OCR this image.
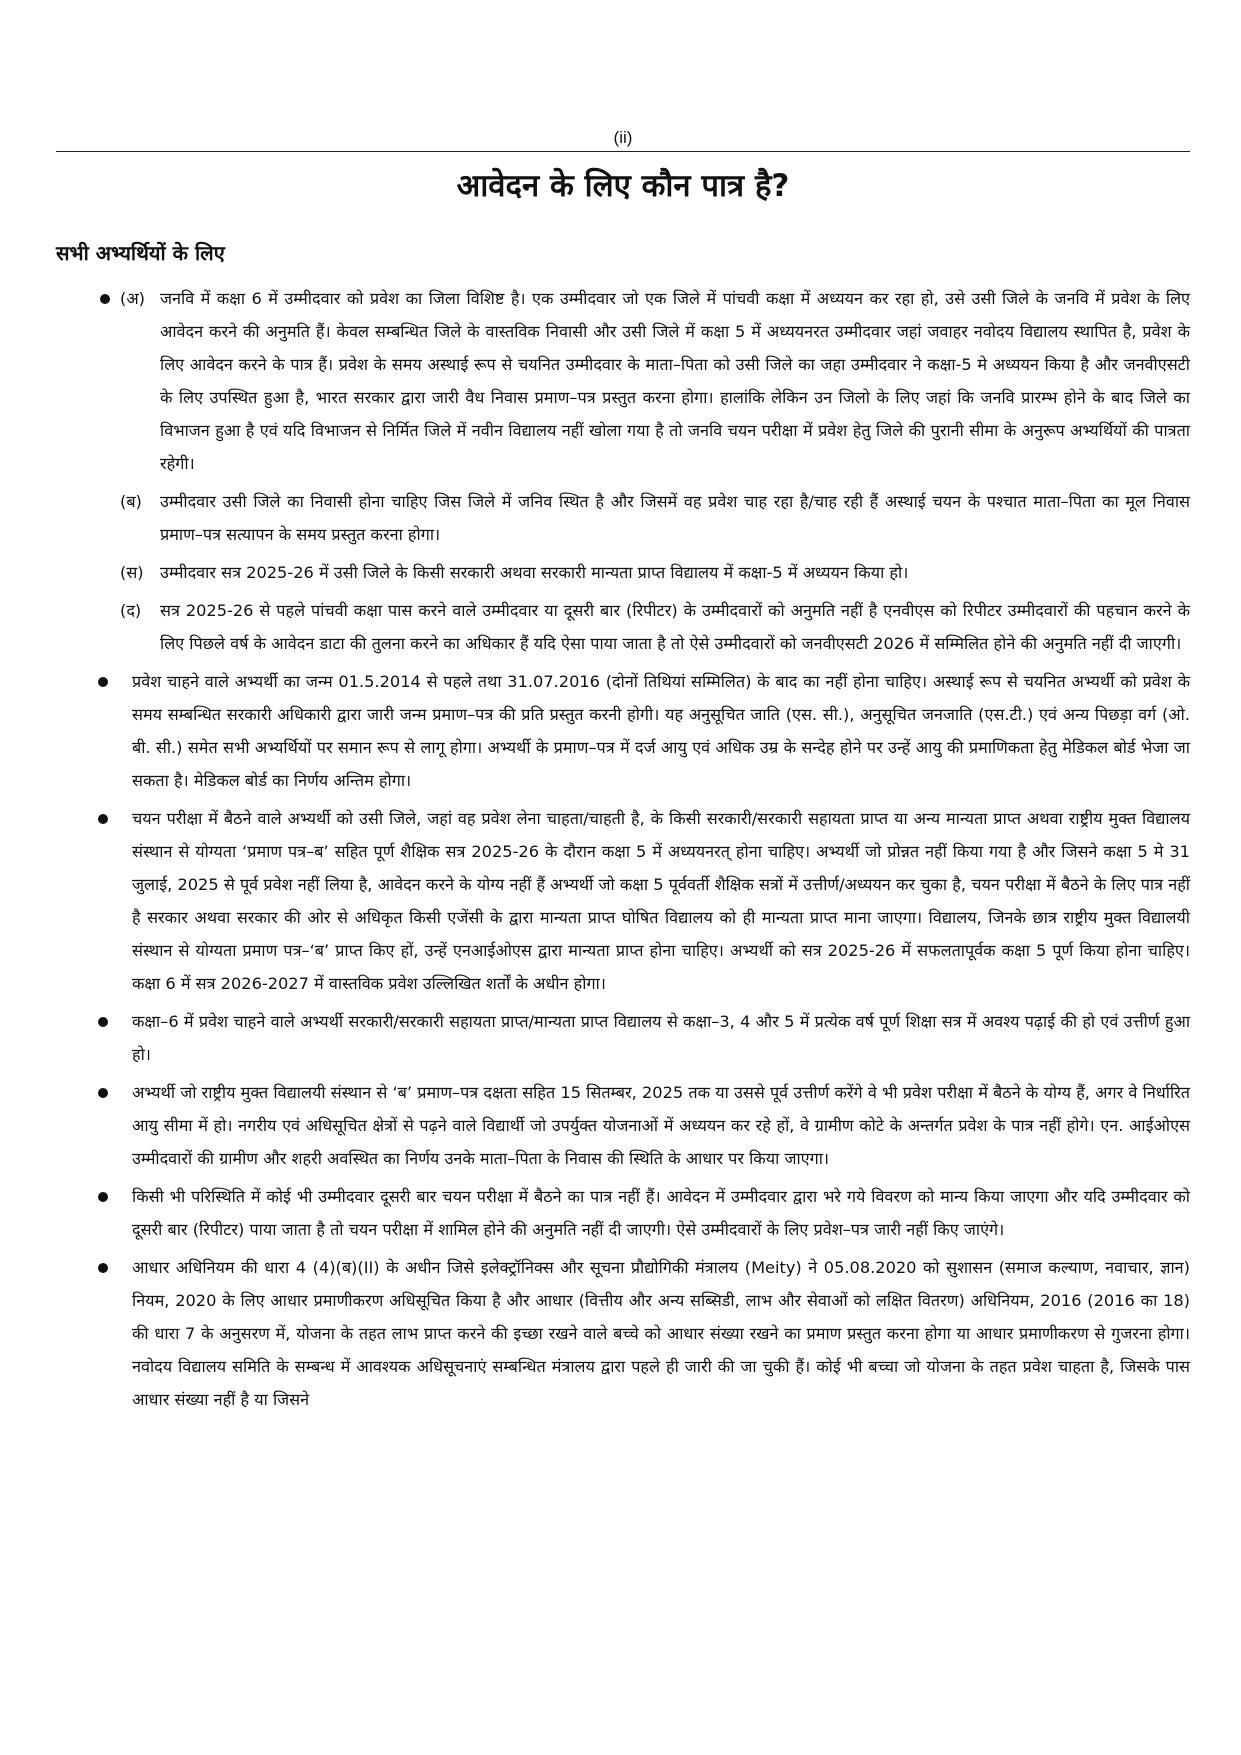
(ii)
आवेदन के लिए कौन पात्र है?
सभी अभ्यर्थियों के लिए
(अ) जनवि में कक्षा 6 में उम्मीदवार को प्रवेश का जिला विशिष्ट है। एक उम्मीदवार जो एक जिले में पांचवी कक्षा में अध्ययन कर रहा हो, उसे उसी जिले के जनवि में प्रवेश के लिए आवेदन करने की अनुमति हैं। केवल सम्बन्धित जिले के वास्तविक निवासी और उसी जिले में कक्षा 5 में अध्ययनरत उम्मीदवार जहां जवाहर नवोदय विद्यालय स्थापित है, प्रवेश के लिए आवेदन करने के पात्र हैं। प्रवेश के समय अस्थाई रूप से चयनित उम्मीदवार के माता–पिता को उसी जिले का जहा उम्मीदवार ने कक्षा-5 मे अध्ययन किया है और जनवीएसटी के लिए उपस्थित हुआ है, भारत सरकार द्वारा जारी वैध निवास प्रमाण–पत्र प्रस्तुत करना होगा। हालांकि लेकिन उन जिलो के लिए जहां कि जनवि प्रारम्भ होने के बाद जिले का विभाजन हुआ है एवं यदि विभाजन से निर्मित जिले में नवीन विद्यालय नहीं खोला गया है तो जनवि चयन परीक्षा में प्रवेश हेतु जिले की पुरानी सीमा के अनुरूप अभ्यर्थियों की पात्रता रहेगी।
(ब) उम्मीदवार उसी जिले का निवासी होना चाहिए जिस जिले में जनिव स्थित है और जिसमें वह प्रवेश चाह रहा है/चाह रही हैं अस्थाई चयन के पश्चात माता–पिता का मूल निवास प्रमाण–पत्र सत्यापन के समय प्रस्तुत करना होगा।
(स) उम्मीदवार सत्र 2025-26 में उसी जिले के किसी सरकारी अथवा सरकारी मान्यता प्राप्त विद्यालय में कक्षा-5 में अध्ययन किया हो।
(द) सत्र 2025-26 से पहले पांचवी कक्षा पास करने वाले उम्मीदवार या दूसरी बार (रिपीटर) के उम्मीदवारों को अनुमति नहीं है एनवीएस को रिपीटर उम्मीदवारों की पहचान करने के लिए पिछले वर्ष के आवेदन डाटा की तुलना करने का अधिकार हैं यदि ऐसा पाया जाता है तो ऐसे उम्मीदवारों को जनवीएसटी 2026 में सम्मिलित होने की अनुमति नहीं दी जाएगी।
प्रवेश चाहने वाले अभ्यर्थी का जन्म 01.5.2014 से पहले तथा 31.07.2016 (दोनों तिथियां सम्मिलित) के बाद का नहीं होना चाहिए। अस्थाई रूप से चयनित अभ्यर्थी को प्रवेश के समय सम्बन्धित सरकारी अधिकारी द्वारा जारी जन्म प्रमाण–पत्र की प्रति प्रस्तुत करनी होगी। यह अनुसूचित जाति (एस. सी.), अनुसूचित जनजाति (एस.टी.) एवं अन्य पिछड़ा वर्ग (ओ. बी. सी.) समेत सभी अभ्यर्थियों पर समान रूप से लागू होगा। अभ्यर्थी के प्रमाण–पत्र में दर्ज आयु एवं अधिक उम्र के सन्देह होने पर उन्हें आयु की प्रमाणिकता हेतु मेडिकल बोर्ड भेजा जा सकता है। मेडिकल बोर्ड का निर्णय अन्तिम होगा।
चयन परीक्षा में बैठने वाले अभ्यर्थी को उसी जिले, जहां वह प्रवेश लेना चाहता/चाहती है, के किसी सरकारी/सरकारी सहायता प्राप्त या अन्य मान्यता प्राप्त अथवा राष्ट्रीय मुक्त विद्यालय संस्थान से योग्यता ‘प्रमाण पत्र–ब’ सहित पूर्ण शैक्षिक सत्र 2025-26 के दौरान कक्षा 5 में अध्ययनरत् होना चाहिए। अभ्यर्थी जो प्रोन्नत नहीं किया गया है और जिसने कक्षा 5 मे 31 जुलाई, 2025 से पूर्व प्रवेश नहीं लिया है, आवेदन करने के योग्य नहीं हैं अभ्यर्थी जो कक्षा 5 पूर्ववर्ती शैक्षिक सत्रों में उत्तीर्ण/अध्ययन कर चुका है, चयन परीक्षा में बैठने के लिए पात्र नहीं है सरकार अथवा सरकार की ओर से अधिकृत किसी एजेंसी के द्वारा मान्यता प्राप्त घोषित विद्यालय को ही मान्यता प्राप्त माना जाएगा। विद्यालय, जिनके छात्र राष्ट्रीय मुक्त विद्यालयी संस्थान से योग्यता प्रमाण पत्र–‘ब’ प्राप्त किए हों, उन्हें एनआईओएस द्वारा मान्यता प्राप्त होना चाहिए। अभ्यर्थी को सत्र 2025-26 में सफलतापूर्वक कक्षा 5 पूर्ण किया होना चाहिए। कक्षा 6 में सत्र 2026-2027 में वास्तविक प्रवेश उल्लिखित शर्तों के अधीन होगा।
कक्षा–6 में प्रवेश चाहने वाले अभ्यर्थी सरकारी/सरकारी सहायता प्राप्त/मान्यता प्राप्त विद्यालय से कक्षा–3, 4 और 5 में प्रत्येक वर्ष पूर्ण शिक्षा सत्र में अवश्य पढ़ाई की हो एवं उत्तीर्ण हुआ हो।
अभ्यर्थी जो राष्ट्रीय मुक्त विद्यालयी संस्थान से ‘ब’ प्रमाण–पत्र दक्षता सहित 15 सितम्बर, 2025 तक या उससे पूर्व उत्तीर्ण करेंगे वे भी प्रवेश परीक्षा में बैठने के योग्य हैं, अगर वे निर्धारित आयु सीमा में हो। नगरीय एवं अधिसूचित क्षेत्रों से पढ़ने वाले विद्यार्थी जो उपर्युक्त योजनाओं में अध्ययन कर रहे हों, वे ग्रामीण कोटे के अन्तर्गत प्रवेश के पात्र नहीं होगे। एन. आईओएस उम्मीदवारों की ग्रामीण और शहरी अवस्थित का निर्णय उनके माता–पिता के निवास की स्थिति के आधार पर किया जाएगा।
किसी भी परिस्थिति में कोई भी उम्मीदवार दूसरी बार चयन परीक्षा में बैठने का पात्र नहीं हैं। आवेदन में उम्मीदवार द्वारा भरे गये विवरण को मान्य किया जाएगा और यदि उम्मीदवार को दूसरी बार (रिपीटर) पाया जाता है तो चयन परीक्षा में शामिल होने की अनुमति नहीं दी जाएगी। ऐसे उम्मीदवारों के लिए प्रवेश–पत्र जारी नहीं किए जाएंगे।
आधार अधिनियम की धारा 4 (4)(ब)(II) के अधीन जिसे इलेक्ट्रॉनिक्स और सूचना प्रौद्योगिकी मंत्रालय (Meity) ने 05.08.2020 को सुशासन (समाज कल्याण, नवाचार, ज्ञान) नियम, 2020 के लिए आधार प्रमाणीकरण अधिसूचित किया है और आधार (वित्तीय और अन्य सब्सिडी, लाभ और सेवाओं को लक्षित वितरण) अधिनियम, 2016 (2016 का 18) की धारा 7 के अनुसरण में, योजना के तहत लाभ प्राप्त करने की इच्छा रखने वाले बच्चे को आधार संख्या रखने का प्रमाण प्रस्तुत करना होगा या आधार प्रमाणीकरण से गुजरना होगा। नवोदय विद्यालय समिति के सम्बन्ध में आवश्यक अधिसूचनाएं सम्बन्धित मंत्रालय द्वारा पहले ही जारी की जा चुकी हैं। कोई भी बच्चा जो योजना के तहत प्रवेश चाहता है, जिसके पास आधार संख्या नहीं है या जिसने
